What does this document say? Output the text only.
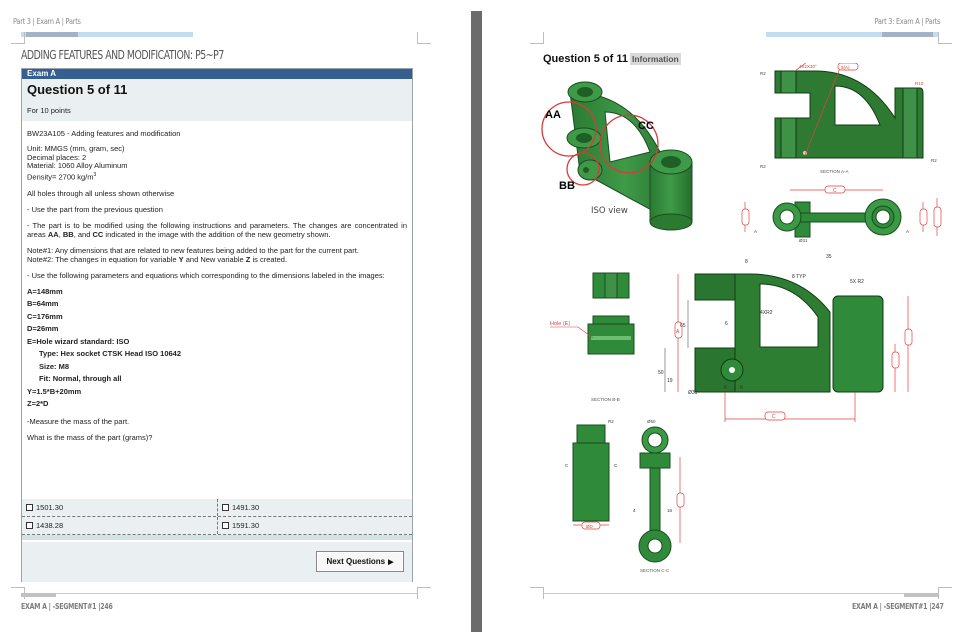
Part 3 | Exam A | Parts
ADDING FEATURES AND MODIFICATION: P5~P7
Exam A
Question 5 of 11
For 10 points

BW23A105 - Adding features and modification

Unit: MMGS (mm, gram, sec)
Decimal places: 2
Material: 1060 Alloy Aluminum
Density= 2700 $kg/m^3$

All holes through all unless shown otherwise

- Use the part from the previous question

- The part is to be modified using the following instructions and parameters. The changes are concentrated in areas AA, BB, and CC indicated in the image with the addition of the new geometry shown.

Note#1: Any dimensions that are related to new features being added to the part for the current part.
Note#2: The changes in equation for variable Y and New variable Z is created.

- Use the following parameters and equations which corresponding to the dimensions labeled in the images:

A=148mm
B=64mm
C=176mm
D=26mm
E=Hole wizard standard: ISO
Type: Hex socket CTSK Head ISO 10642
Size: M8
Fit: Normal, through all
Y=1.5*B+20mm
Z=2*D

-Measure the mass of the part.

What is the mass of the part (grams)?

1501.30	1491.30
1438.28	1591.30
Next Questions ▶
EXAM A | -SEGMENT#1 |246
Part 3: Exam A | Parts
EXAM A | -SEGMENT#1 |247
Question 5 of 11 Information
AA
CC
BB
ISO view
8(A)
4X2X30°
R2
R2
R2
R10
SECTION A-A
C
Ø31
A	A
Hole (E)
SECTION B-B
A
C
65
50
19
8
35
5X R2
4XR2
6
Ø31
8	8
8 TYP
ØD
R2
C	C
Ø50
4	16
SECTION C-C
